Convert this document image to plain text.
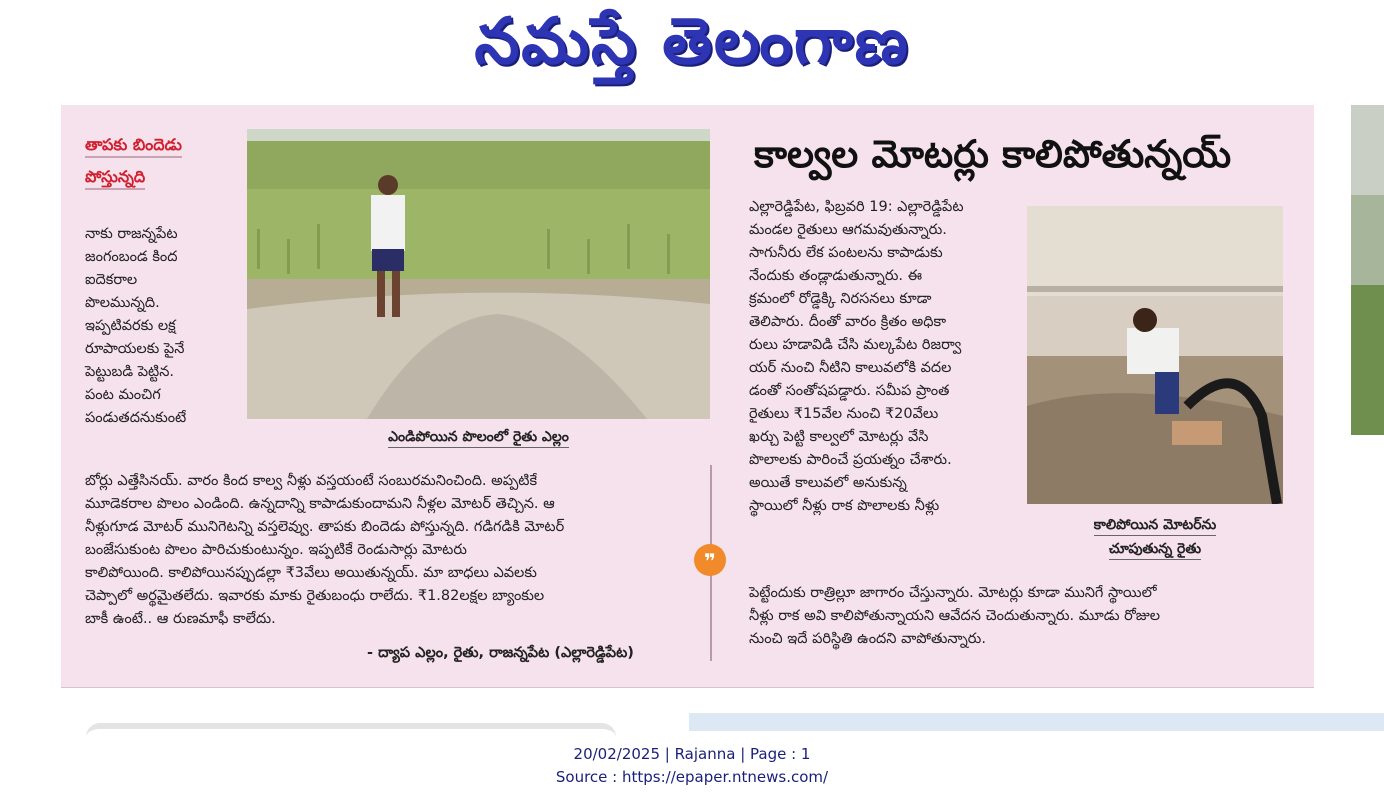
నమస్తే తెలంగాణ
తాపకు బిందెడు
పోస్తున్నది
నాకు రాజన్నపేట
జంగంబండ కింద
ఐదెకరాల
పొలమున్నది.
ఇప్పటివరకు లక్ష
రూపాయలకు పైనే
పెట్టుబడి పెట్టిన.
పంట మంచిగ
పండుతదనుకుంటే
బోర్లు ఎత్తేసినయ్. వారం కింద కాల్వ నీళ్లు వస్తయంటే సంబురమనించింది. అప్పటికే
మూడెకరాల పొలం ఎండింది. ఉన్నదాన్ని కాపాడుకుందామని నీళ్లల మోటర్ తెచ్చిన. ఆ
నీళ్లుగూడ మోటర్ మునిగెటన్ని వస్తలెవ్వు. తాపకు బిందెడు పోస్తున్నది. గడిగడికి మోటర్
బంజేసుకుంట పొలం పారిచుకుంటున్నం. ఇప్పటికే రెండుసార్లు మోటరు
కాలిపోయింది. కాలిపోయినప్పుడల్లా ₹3వేలు అయితున్నయ్. మా బాధలు ఎవలకు
చెప్పాలో అర్థమైతలేదు. ఇవారకు మాకు రైతుబంధు రాలేదు. ₹1.82లక్షల బ్యాంకుల
బాకీ ఉంటే.. ఆ రుణమాఫీ కాలేదు.
- ద్యాప ఎల్లం, రైతు, రాజన్నపేట (ఎల్లారెడ్డిపేట)
ఎండిపోయిన పొలంలో రైతు ఎల్లం
❞
కాల్వల మోటర్లు కాలిపోతున్నయ్
ఎల్లారెడ్డిపేట, ఫిబ్రవరి 19: ఎల్లారెడ్డిపేట
మండల రైతులు ఆగమవుతున్నారు.
సాగునీరు లేక పంటలను కాపాడుకు
నేందుకు తండ్లాడుతున్నారు. ఈ
క్రమంలో రోడ్డెక్కి నిరసనలు కూడా
తెలిపారు. దీంతో వారం క్రితం అధికా
రులు హడావిడి చేసి మల్కపేట రిజర్వా
యర్ నుంచి నీటిని కాలువలోకి వదల
డంతో సంతోషపడ్డారు. సమీప ప్రాంత
రైతులు ₹15వేల నుంచి ₹20వేలు
ఖర్చు పెట్టి కాల్వలో మోటర్లు వేసి
పొలాలకు పారించే ప్రయత్నం చేశారు.
అయితే కాలువలో అనుకున్న
స్థాయిలో నీళ్లు రాక పొలాలకు నీళ్లు
పెట్టేందుకు రాత్రిల్లూ జాగారం చేస్తున్నారు. మోటర్లు కూడా మునిగే స్థాయిలో
నీళ్లు రాక అవి కాలిపోతున్నాయని ఆవేదన చెందుతున్నారు. మూడు రోజుల
నుంచి ఇదే పరిస్థితి ఉందని వాపోతున్నారు.
కాలిపోయిన మోటర్‌ను
చూపుతున్న రైతు
20/02/2025 | Rajanna | Page : 1
Source : https://epaper.ntnews.com/
